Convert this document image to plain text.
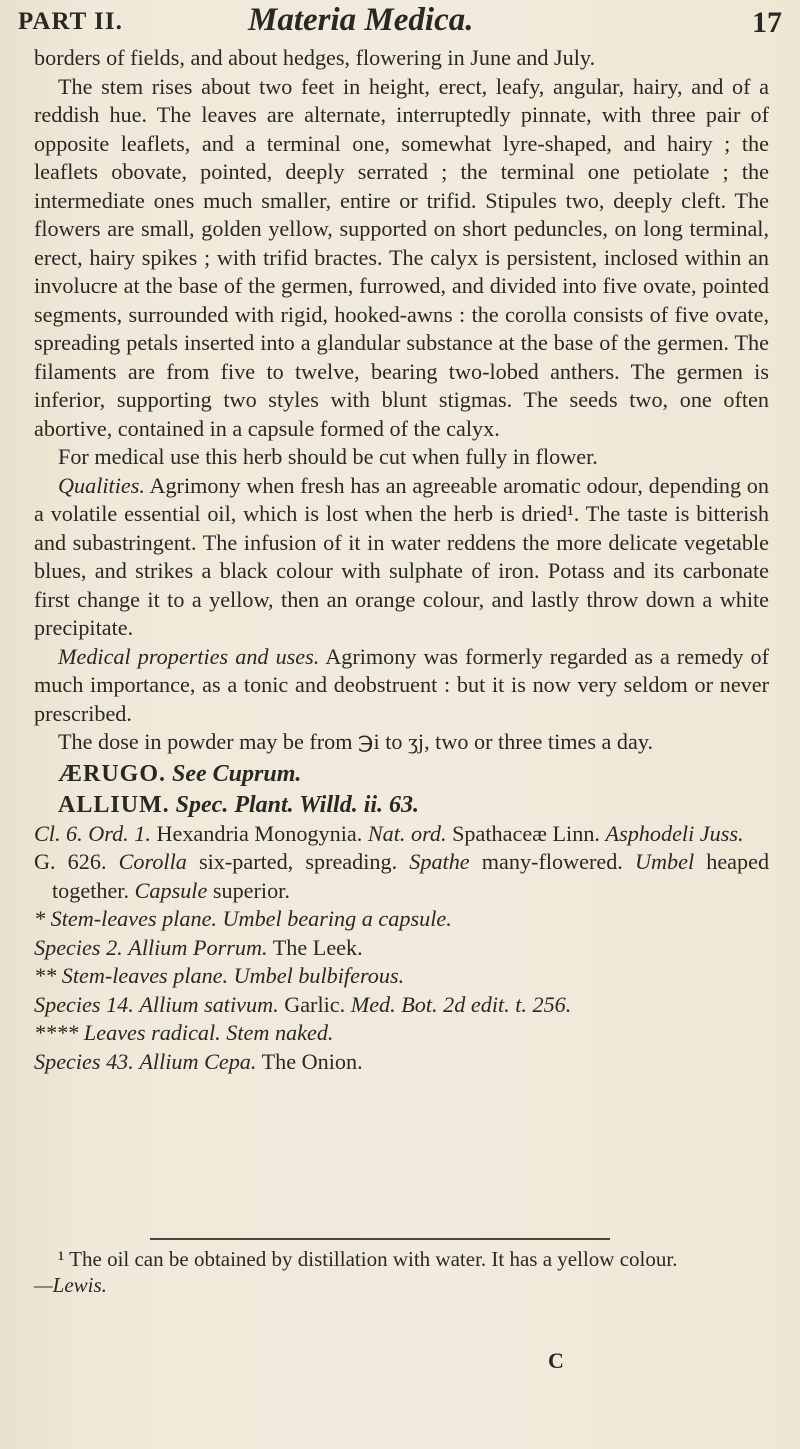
PART II.	Materia Medica.	17

borders of fields, and about hedges, flowering in June and July.

The stem rises about two feet in height, erect, leafy, angular, hairy, and of a reddish hue. The leaves are alternate, interruptedly pinnate, with three pair of opposite leaflets, and a terminal one, somewhat lyre-shaped, and hairy ; the leaflets obovate, pointed, deeply serrated ; the terminal one petiolate ; the intermediate ones much smaller, entire or trifid. Stipules two, deeply cleft. The flowers are small, golden yellow, supported on short peduncles, on long terminal, erect, hairy spikes ; with trifid bractes. The calyx is persistent, inclosed within an involucre at the base of the germen, furrowed, and divided into five ovate, pointed segments, surrounded with rigid, hooked-awns : the corolla consists of five ovate, spreading petals inserted into a glandular substance at the base of the germen. The filaments are from five to twelve, bearing two-lobed anthers. The germen is inferior, supporting two styles with blunt stigmas. The seeds two, one often abortive, contained in a capsule formed of the calyx.

For medical use this herb should be cut when fully in flower.

Qualities. Agrimony when fresh has an agreeable aromatic odour, depending on a volatile essential oil, which is lost when the herb is dried¹. The taste is bitterish and subastringent. The infusion of it in water reddens the more delicate vegetable blues, and strikes a black colour with sulphate of iron. Potass and its carbonate first change it to a yellow, then an orange colour, and lastly throw down a white precipitate.

Medical properties and uses. Agrimony was formerly regarded as a remedy of much importance, as a tonic and deobstruent : but it is now very seldom or never prescribed.

The dose in powder may be from ℈i to ʒj, two or three times a day.

ÆRUGO. See Cuprum.

ALLIUM. Spec. Plant. Willd. ii. 63.

Cl. 6. Ord. 1. Hexandria Monogynia. Nat. ord. Spathaceæ Linn. Asphodeli Juss.

G. 626. Corolla six-parted, spreading. Spathe many-flowered. Umbel heaped together. Capsule superior.

* Stem-leaves plane. Umbel bearing a capsule.

Species 2. Allium Porrum. The Leek.

** Stem-leaves plane. Umbel bulbiferous.

Species 14. Allium sativum. Garlic. Med. Bot. 2d edit. t. 256.

**** Leaves radical. Stem naked.

Species 43. Allium Cepa. The Onion.

¹ The oil can be obtained by distillation with water. It has a yellow colour.

—Lewis.

C
